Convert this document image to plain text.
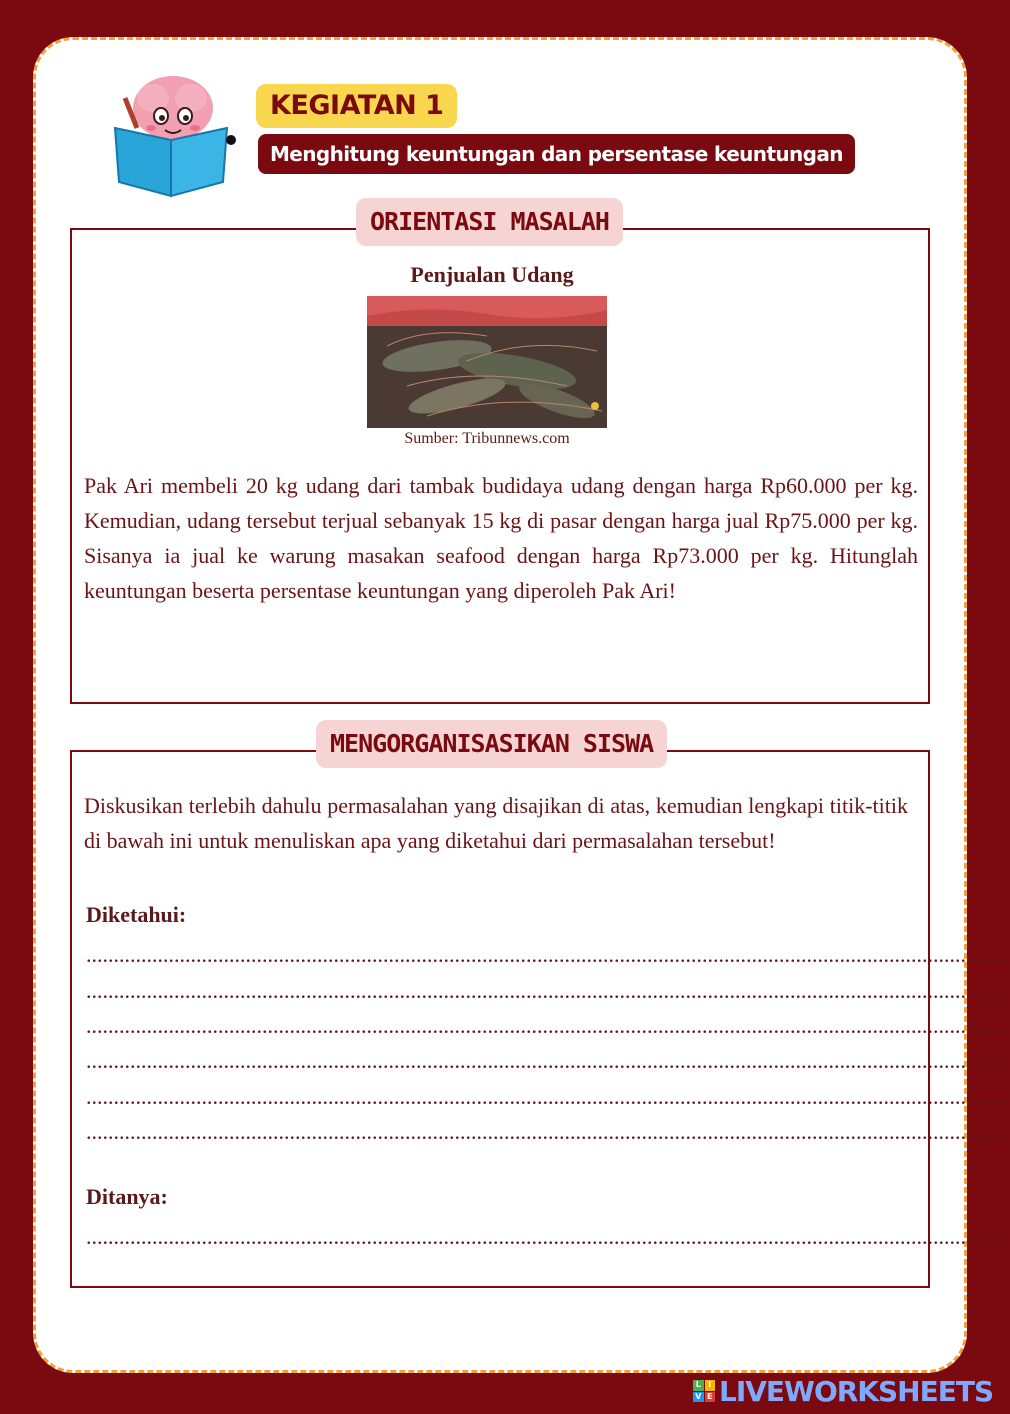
KEGIATAN 1
Menghitung keuntungan dan persentase keuntungan
ORIENTASI MASALAH
Penjualan Udang
Sumber: Tribunnews.com
Pak Ari membeli 20 kg udang dari tambak budidaya udang dengan harga Rp60.000 per kg. Kemudian, udang tersebut terjual sebanyak 15 kg di pasar dengan harga jual Rp75.000 per kg. Sisanya ia jual ke warung masakan seafood dengan harga Rp73.000 per kg. Hitunglah keuntungan beserta persentase keuntungan yang diperoleh Pak Ari!
MENGORGANISASIKAN SISWA
Diskusikan terlebih dahulu permasalahan yang disajikan di atas, kemudian lengkapi titik-titik di bawah ini untuk menuliskan apa yang diketahui dari permasalahan tersebut!
Diketahui:
........................................................................................................................................................................
........................................................................................................................................................................
........................................................................................................................................................................
........................................................................................................................................................................
........................................................................................................................................................................
........................................................................................................................................................................
Ditanya:
........................................................................................................................................................................
L I
V E LIVEWORKSHEETS
